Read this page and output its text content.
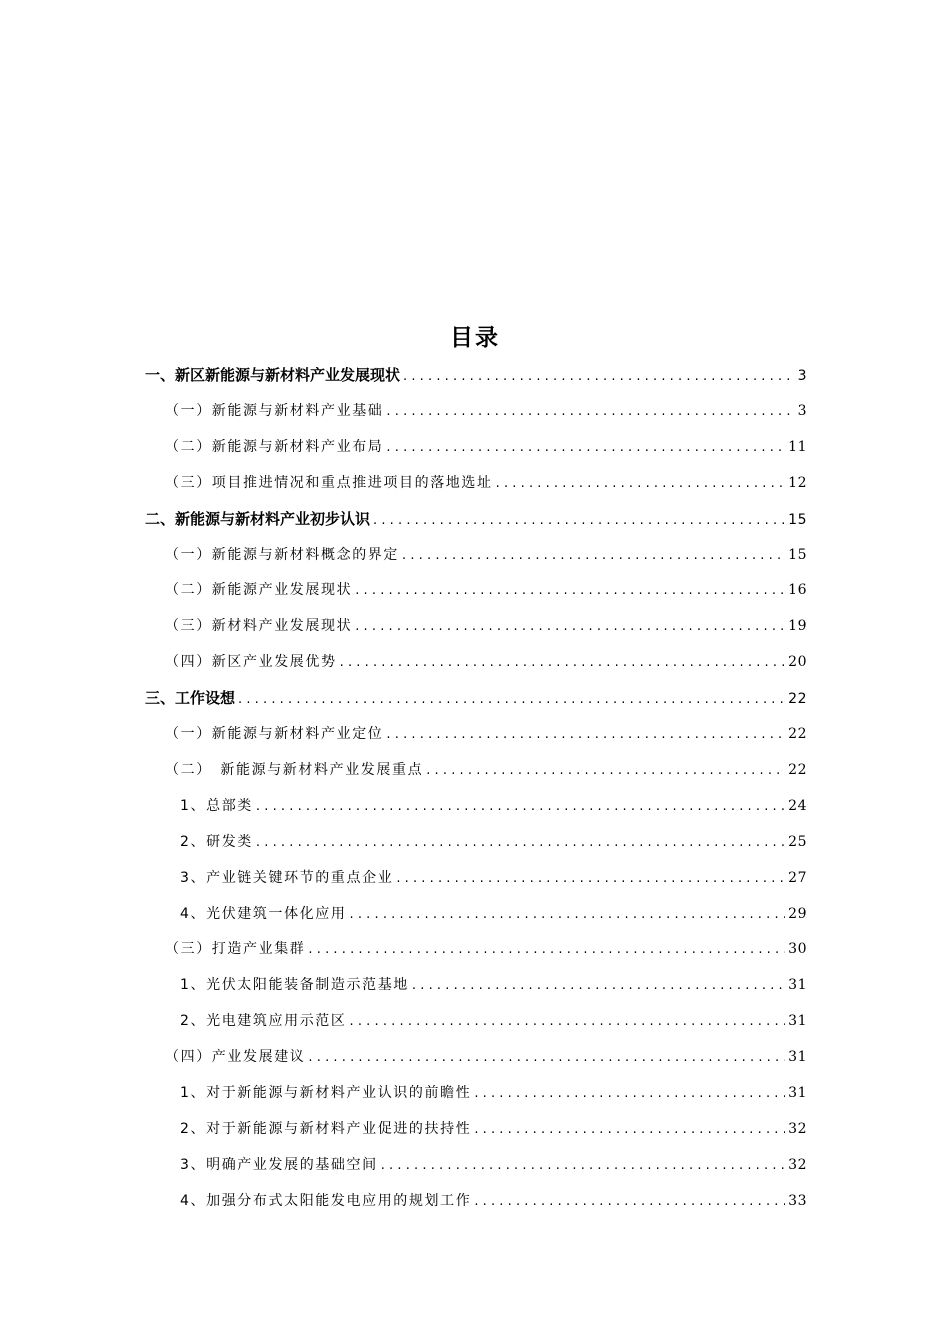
目录
一、新区新能源与新材料产业发展现状 .....	3
（一）新能源与新材料产业基础 .....	3
（二）新能源与新材料产业布局 .....	11
（三）项目推进情况和重点推进项目的落地选址 .....	12
二、新能源与新材料产业初步认识 .....	15
（一）新能源与新材料概念的界定 .....	15
（二）新能源产业发展现状 .....	16
（三）新材料产业发展现状 .....	19
（四）新区产业发展优势 .....	20
三、工作设想 .....	22
（一）新能源与新材料产业定位 .....	22
（二）　新能源与新材料产业发展重点 .....	22
1、总部类 .....	24
2、研发类 .....	25
3、产业链关键环节的重点企业 .....	27
4、光伏建筑一体化应用 .....	29
（三）打造产业集群 .....	30
1、光伏太阳能装备制造示范基地 .....	31
2、光电建筑应用示范区 .....	31
（四）产业发展建议 .....	31
1、对于新能源与新材料产业认识的前瞻性 .....	31
2、对于新能源与新材料产业促进的扶持性 .....	32
3、明确产业发展的基础空间 .....	32
4、加强分布式太阳能发电应用的规划工作 .....	33
